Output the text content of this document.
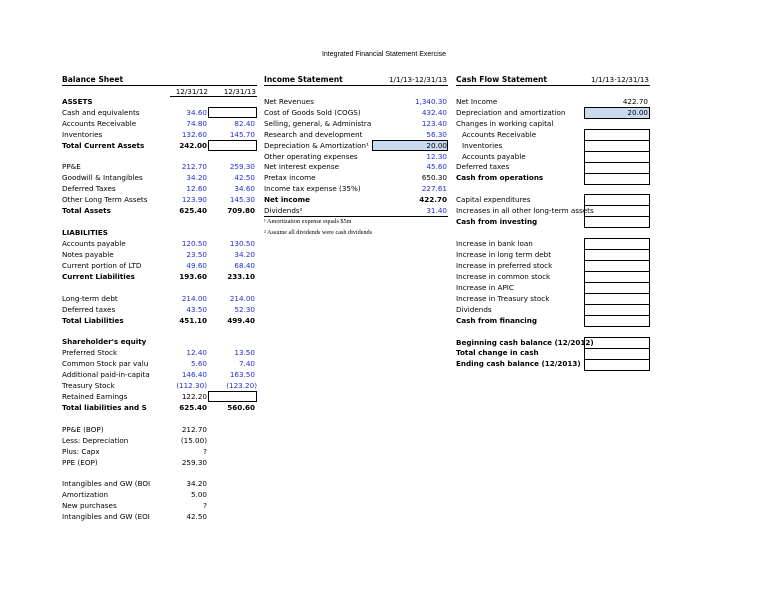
Integrated Financial Statement Exercise
Balance Sheet
12/31/12	12/31/13
ASSETS
Cash and equivalents	34.60
Accounts Receivable	74.80	82.40
Inventories	132.60	145.70
Total Current Assets	242.00
PP&E	212.70	259.30
Goodwill & Intangibles	34.20	42.50
Deferred Taxes	12.60	34.60
Other Long Term Assets	123.90	145.30
Total Assets	625.40	709.80
LIABILITIES
Accounts payable	120.50	130.50
Notes payable	23.50	34.20
Current portion of LTD	49.60	68.40
Current Liabilities	193.60	233.10
Long-term debt	214.00	214.00
Deferred taxes	43.50	52.30
Total Liabilities	451.10	499.40
Shareholder's equity
Preferred Stock	12.40	13.50
Common Stock par valu	5.60	7.40
Additional paid-in-capita	146.40	163.50
Treasury Stock	(112.30)	(123.20)
Retained Earnings	122.20
Total liabilities and S	625.40	560.60
PP&E (BOP)	212.70
Less: Depreciation	(15.00)
Plus: Capx	?
PPE (EOP)	259.30
Intangibles and GW (BOI	34.20
Amortization	5.00
New purchases	?
Intangibles and GW (EOI	42.50
Income Statement	1/1/13-12/31/13
Net Revenues	1,340.30
Cost of Goods Sold (COGS)	432.40
Selling, general, & Administra	123.40
Research and development	56.30
Depreciation & Amortization¹	20.00
Other operating expenses	12.30
Net interest expense	45.60
Pretax income	650.30
Income tax expense (35%)	227.61
Net income	422.70
Dividends²	31.40
¹ Amortization expense equals $5m
² Assume all dividends were cash dividends
Cash Flow Statement	1/1/13-12/31/13
Net Income	422.70
Depreciation and amortization	20.00
Changes in working capital
Accounts Receivable
Inventories
Accounts payable
Deferred taxes
Cash from operations
Capital expenditures
Increases in all other long-term assets
Cash from investing
Increase in bank loan
Increase in long term debt
Increase in preferred stock
Increase in common stock
Increase in APIC
Increase in Treasury stock
Dividends
Cash from financing
Beginning cash balance (12/2012)
Total change in cash
Ending cash balance (12/2013)
